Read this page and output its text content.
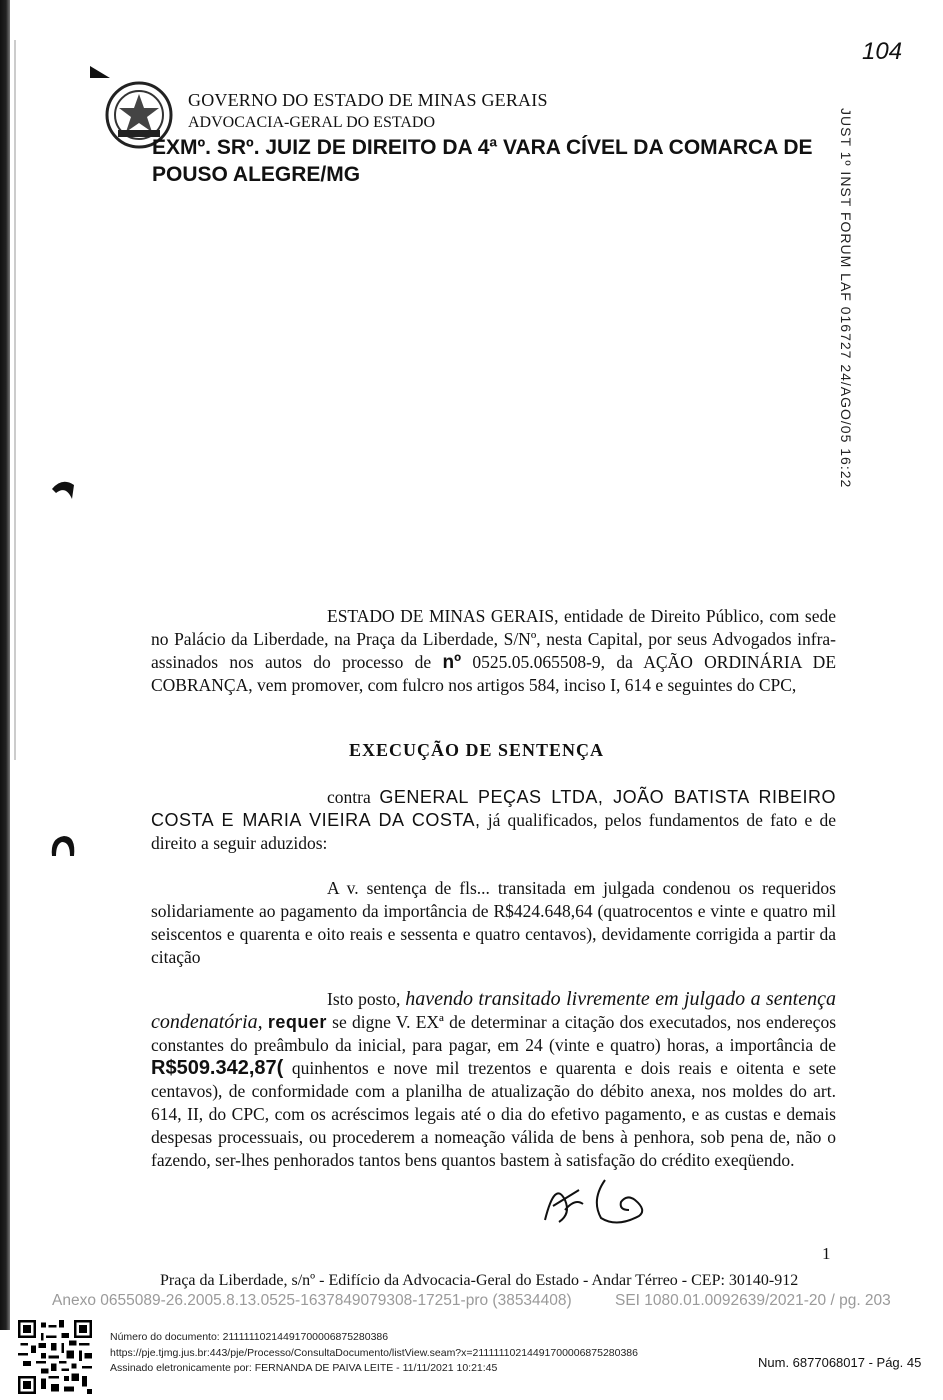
GOVERNO DO ESTADO DE MINAS GERAIS
ADVOCACIA-GERAL DO ESTADO
EXMº. SRº. JUIZ DE DIREITO DA 4ª VARA CÍVEL DA COMARCA DE POUSO ALEGRE/MG
104
JUST 1º INST FORUM LAF 016727 24/AGO/05 16:22
ESTADO DE MINAS GERAIS, entidade de Direito Público, com sede no Palácio da Liberdade, na Praça da Liberdade, S/Nº, nesta Capital, por seus Advogados infra-assinados nos autos do processo de nº 0525.05.065508-9, da AÇÃO ORDINÁRIA DE COBRANÇA, vem promover, com fulcro nos artigos 584, inciso I, 614 e seguintes do CPC,
EXECUÇÃO DE SENTENÇA
contra GENERAL PEÇAS LTDA, JOÃO BATISTA RIBEIRO COSTA E MARIA VIEIRA DA COSTA, já qualificados, pelos fundamentos de fato e de direito a seguir aduzidos:
A v. sentença de fls... transitada em julgada condenou os requeridos solidariamente ao pagamento da importância de R$424.648,64 (quatrocentos e vinte e quatro mil seiscentos e quarenta e oito reais e sessenta e quatro centavos), devidamente corrigida a partir da citação
Isto posto, havendo transitado livremente em julgado a sentença condenatória, requer se digne V. EXª de determinar a citação dos executados, nos endereços constantes do preâmbulo da inicial, para pagar, em 24 (vinte e quatro) horas, a importância de R$509.342,87( quinhentos e nove mil trezentos e quarenta e dois reais e oitenta e sete centavos), de conformidade com a planilha de atualização do débito anexa, nos moldes do art. 614, II, do CPC, com os acréscimos legais até o dia do efetivo pagamento, e as custas e demais despesas processuais, ou procederem a nomeação válida de bens à penhora, sob pena de, não o fazendo, ser-lhes penhorados tantos bens quantos bastem à satisfação do crédito exeqüendo.
1
Praça da Liberdade, s/nº - Edifício da Advocacia-Geral do Estado - Andar Térreo - CEP: 30140-912
Anexo 0655089-26.2005.8.13.0525-1637849079308-17251-pro (38534408)	SEI 1080.01.0092639/2021-20 / pg. 203
Número do documento: 21111110214491700006875280386
https://pje.tjmg.jus.br:443/pje/Processo/ConsultaDocumento/listView.seam?x=21111110214491700006875280386
Assinado eletronicamente por: FERNANDA DE PAIVA LEITE - 11/11/2021 10:21:45	Num. 6877068017 - Pág. 45
